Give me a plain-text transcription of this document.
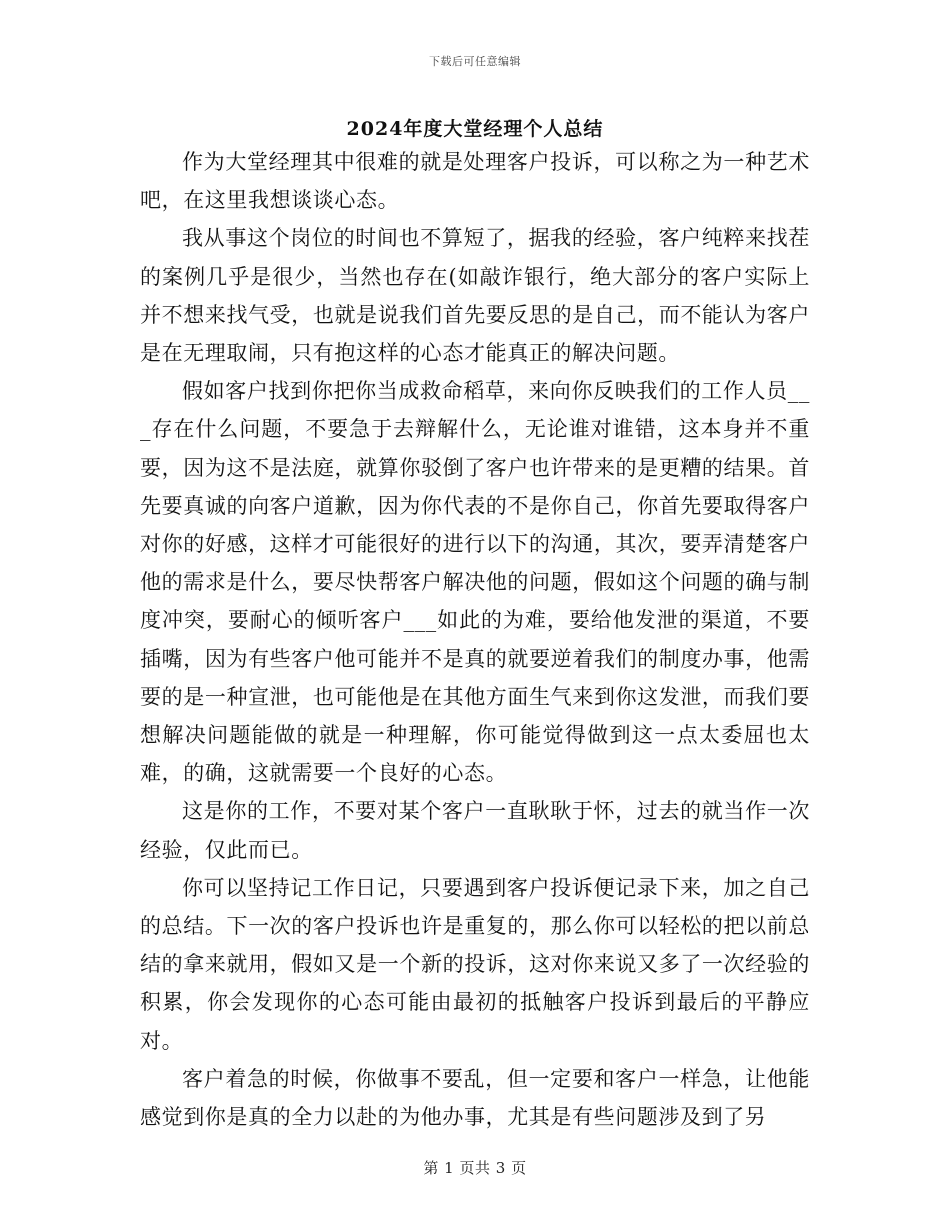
下载后可任意编辑
2024年度大堂经理个人总结

作为大堂经理其中很难的就是处理客户投诉，可以称之为一种艺术吧，在这里我想谈谈心态。

我从事这个岗位的时间也不算短了，据我的经验，客户纯粹来找茬的案例几乎是很少，当然也存在(如敲诈银行，绝大部分的客户实际上并不想来找气受，也就是说我们首先要反思的是自己，而不能认为客户是在无理取闹，只有抱这样的心态才能真正的解决问题。

假如客户找到你把你当成救命稻草，来向你反映我们的工作人员___存在什么问题，不要急于去辩解什么，无论谁对谁错，这本身并不重要，因为这不是法庭，就算你驳倒了客户也许带来的是更糟的结果。首先要真诚的向客户道歉，因为你代表的不是你自己，你首先要取得客户对你的好感，这样才可能很好的进行以下的沟通，其次，要弄清楚客户他的需求是什么，要尽快帮客户解决他的问题，假如这个问题的确与制度冲突，要耐心的倾听客户___如此的为难，要给他发泄的渠道，不要插嘴，因为有些客户他可能并不是真的就要逆着我们的制度办事，他需要的是一种宣泄，也可能他是在其他方面生气来到你这发泄，而我们要想解决问题能做的就是一种理解，你可能觉得做到这一点太委屈也太难，的确，这就需要一个良好的心态。

这是你的工作，不要对某个客户一直耿耿于怀，过去的就当作一次经验，仅此而已。

你可以坚持记工作日记，只要遇到客户投诉便记录下来，加之自己的总结。下一次的客户投诉也许是重复的，那么你可以轻松的把以前总结的拿来就用，假如又是一个新的投诉，这对你来说又多了一次经验的积累，你会发现你的心态可能由最初的抵触客户投诉到最后的平静应对。

客户着急的时候，你做事不要乱，但一定要和客户一样急，让他能感觉到你是真的全力以赴的为他办事，尤其是有些问题涉及到了另

第 1 页共 3 页
